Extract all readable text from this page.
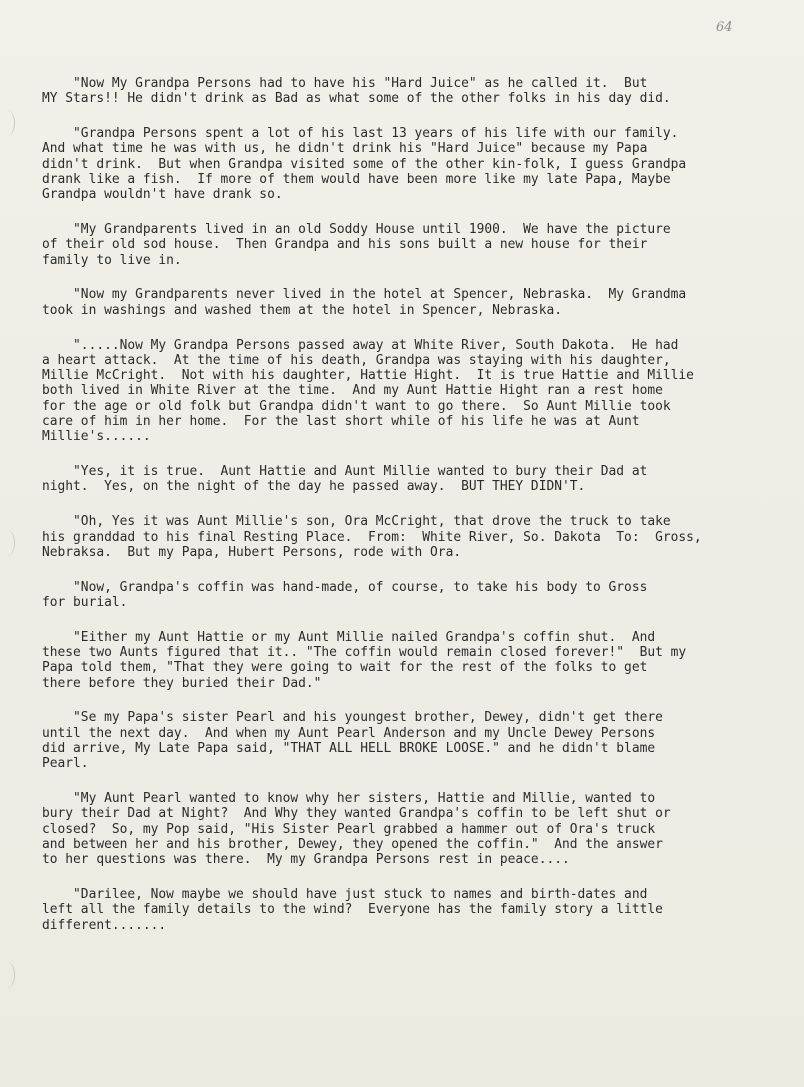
64
"Now My Grandpa Persons had to have his "Hard Juice" as he called it.  But
MY Stars!! He didn't drink as Bad as what some of the other folks in his day did.
"Grandpa Persons spent a lot of his last 13 years of his life with our family.
And what time he was with us, he didn't drink his "Hard Juice" because my Papa
didn't drink.  But when Grandpa visited some of the other kin-folk, I guess Grandpa
drank like a fish.  If more of them would have been more like my late Papa, Maybe
Grandpa wouldn't have drank so.
"My Grandparents lived in an old Soddy House until 1900.  We have the picture
of their old sod house.  Then Grandpa and his sons built a new house for their
family to live in.
"Now my Grandparents never lived in the hotel at Spencer, Nebraska.  My Grandma
took in washings and washed them at the hotel in Spencer, Nebraska.
".....Now My Grandpa Persons passed away at White River, South Dakota.  He had
a heart attack.  At the time of his death, Grandpa was staying with his daughter,
Millie McCright.  Not with his daughter, Hattie Hight.  It is true Hattie and Millie
both lived in White River at the time.  And my Aunt Hattie Hight ran a rest home
for the age or old folk but Grandpa didn't want to go there.  So Aunt Millie took
care of him in her home.  For the last short while of his life he was at Aunt
Millie's......
"Yes, it is true.  Aunt Hattie and Aunt Millie wanted to bury their Dad at
night.  Yes, on the night of the day he passed away.  BUT THEY DIDN'T.
"Oh, Yes it was Aunt Millie's son, Ora McCright, that drove the truck to take
his granddad to his final Resting Place.  From:  White River, So. Dakota  To:  Gross,
Nebraksa.  But my Papa, Hubert Persons, rode with Ora.
"Now, Grandpa's coffin was hand-made, of course, to take his body to Gross
for burial.
"Either my Aunt Hattie or my Aunt Millie nailed Grandpa's coffin shut.  And
these two Aunts figured that it.. "The coffin would remain closed forever!"  But my
Papa told them, "That they were going to wait for the rest of the folks to get
there before they buried their Dad."
"Se my Papa's sister Pearl and his youngest brother, Dewey, didn't get there
until the next day.  And when my Aunt Pearl Anderson and my Uncle Dewey Persons
did arrive, My Late Papa said, "THAT ALL HELL BROKE LOOSE." and he didn't blame
Pearl.
"My Aunt Pearl wanted to know why her sisters, Hattie and Millie, wanted to
bury their Dad at Night?  And Why they wanted Grandpa's coffin to be left shut or
closed?  So, my Pop said, "His Sister Pearl grabbed a hammer out of Ora's truck
and between her and his brother, Dewey, they opened the coffin."  And the answer
to her questions was there.  My my Grandpa Persons rest in peace....
"Darilee, Now maybe we should have just stuck to names and birth-dates and
left all the family details to the wind?  Everyone has the family story a little
different.......
